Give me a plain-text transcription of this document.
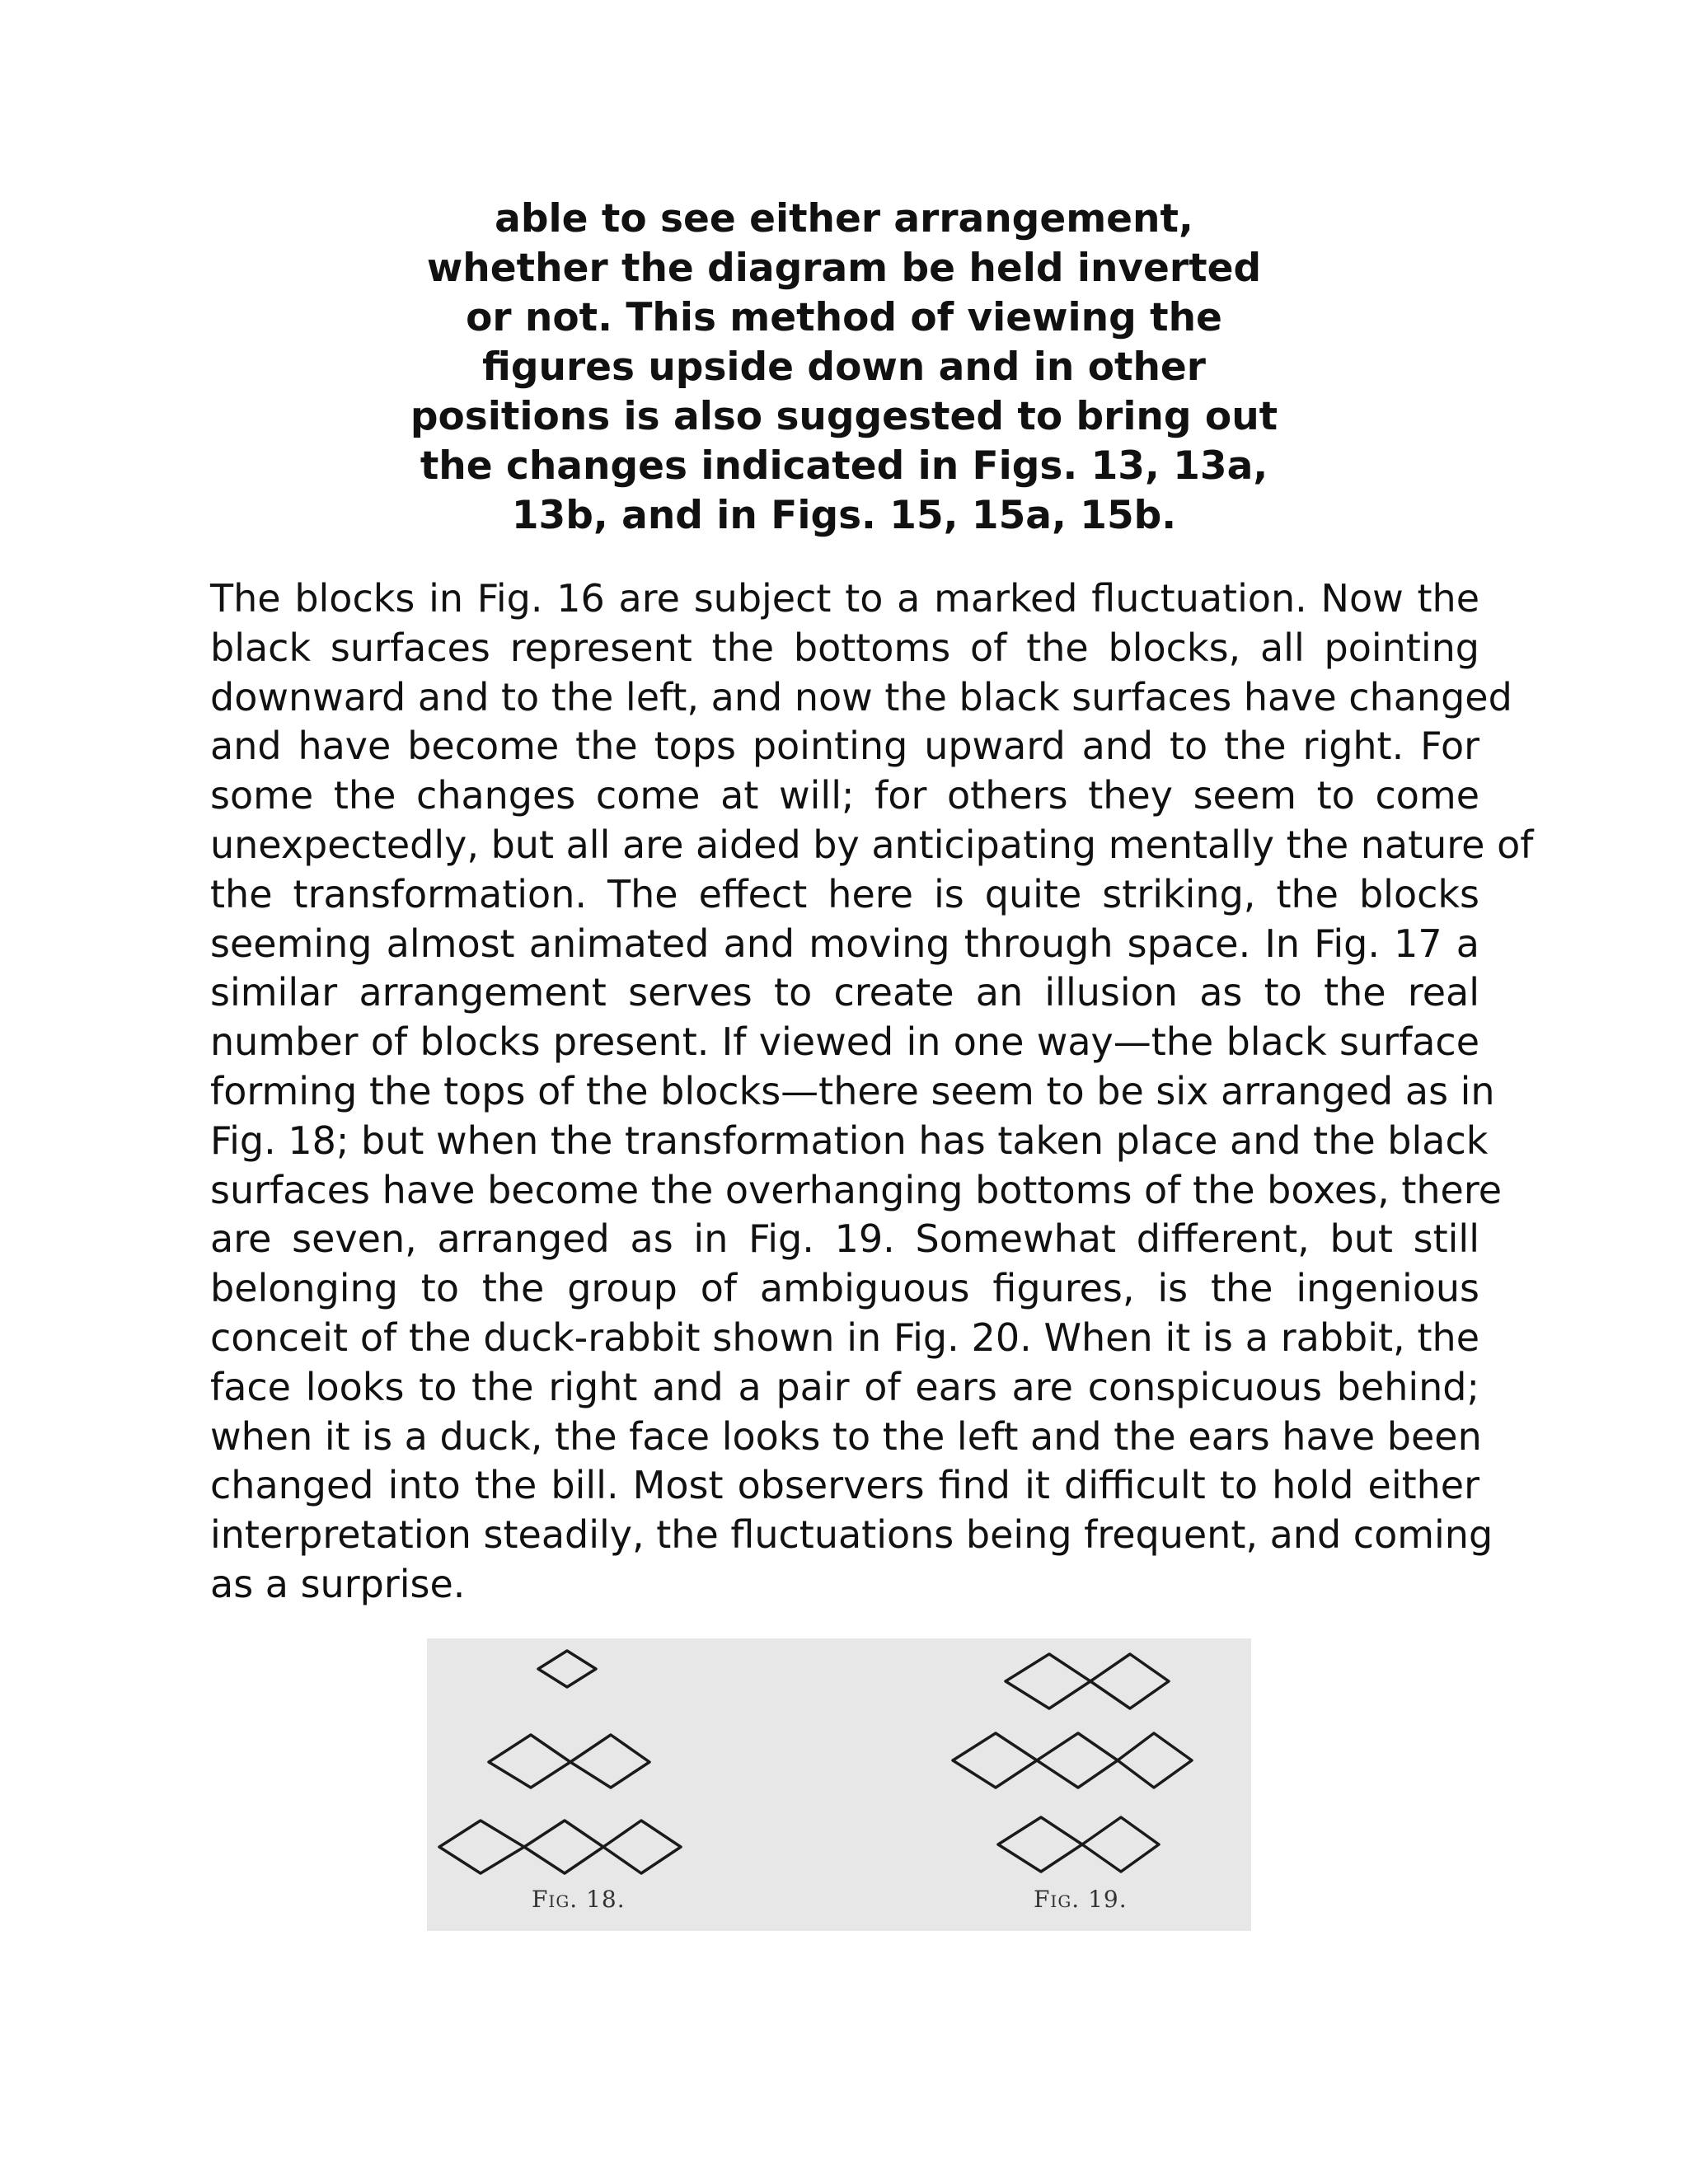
able to see either arrangement,
whether the diagram be held inverted
or not. This method of viewing the
figures upside down and in other
positions is also suggested to bring out
the changes indicated in Figs. 13, 13a,
13b, and in Figs. 15, 15a, 15b.
The blocks in Fig. 16 are subject to a marked fluctuation. Now the
black surfaces represent the bottoms of the blocks, all pointing
downward and to the left, and now the black surfaces have changed
and have become the tops pointing upward and to the right. For
some the changes come at will; for others they seem to come
unexpectedly, but all are aided by anticipating mentally the nature of
the transformation. The effect here is quite striking, the blocks
seeming almost animated and moving through space. In Fig. 17 a
similar arrangement serves to create an illusion as to the real
number of blocks present. If viewed in one way—the black surface
forming the tops of the blocks—there seem to be six arranged as in
Fig. 18; but when the transformation has taken place and the black
surfaces have become the overhanging bottoms of the boxes, there
are seven, arranged as in Fig. 19. Somewhat different, but still
belonging to the group of ambiguous figures, is the ingenious
conceit of the duck-rabbit shown in Fig. 20. When it is a rabbit, the
face looks to the right and a pair of ears are conspicuous behind;
when it is a duck, the face looks to the left and the ears have been
changed into the bill. Most observers find it difficult to hold either
interpretation steadily, the fluctuations being frequent, and coming
as a surprise.
Fig. 18.	Fig. 19.
